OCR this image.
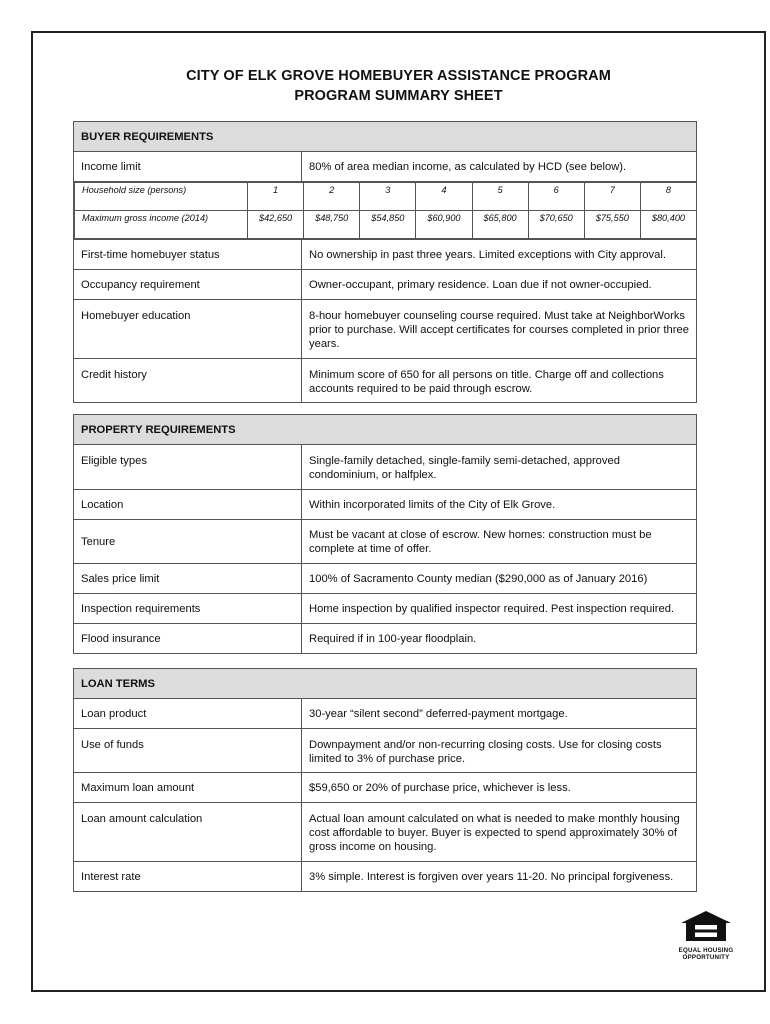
CITY OF ELK GROVE HOMEBUYER ASSISTANCE PROGRAM
PROGRAM SUMMARY SHEET
BUYER REQUIREMENTS
Income limit	80% of area median income, as calculated by HCD (see below).

Household size (persons)	1	2	3	4	5	6	7	8
Maximum gross income (2014)	$42,650	$48,750	$54,850	$60,900	$65,800	$70,650	$75,550	$80,400

First-time homebuyer status	No ownership in past three years. Limited exceptions with City approval.
Occupancy requirement	Owner-occupant, primary residence. Loan due if not owner-occupied.
Homebuyer education	8-hour homebuyer counseling course required. Must take at NeighborWorks prior to purchase. Will accept certificates for courses completed in prior three years.
Credit history	Minimum score of 650 for all persons on title. Charge off and collections accounts required to be paid through escrow.
PROPERTY REQUIREMENTS	
Eligible types	Single-family detached, single-family semi-detached, approved condominium, or halfplex.
Location	Within incorporated limits of the City of Elk Grove.
Tenure	Must be vacant at close of escrow. New homes: construction must be complete at time of offer.
Sales price limit	100% of Sacramento County median ($290,000 as of January 2016)
Inspection requirements	Home inspection by qualified inspector required. Pest inspection required.
Flood insurance	Required if in 100-year floodplain.
LOAN TERMS	
Loan product	30-year “silent second” deferred-payment mortgage.
Use of funds	Downpayment and/or non-recurring closing costs. Use for closing costs limited to 3% of purchase price.
Maximum loan amount	$59,650 or 20% of purchase price, whichever is less.
Loan amount calculation	Actual loan amount calculated on what is needed to make monthly housing cost affordable to buyer. Buyer is expected to spend approximately 30% of gross income on housing.
Interest rate	3% simple. Interest is forgiven over years 11-20. No principal forgiveness.
EQUAL HOUSING
OPPORTUNITY
